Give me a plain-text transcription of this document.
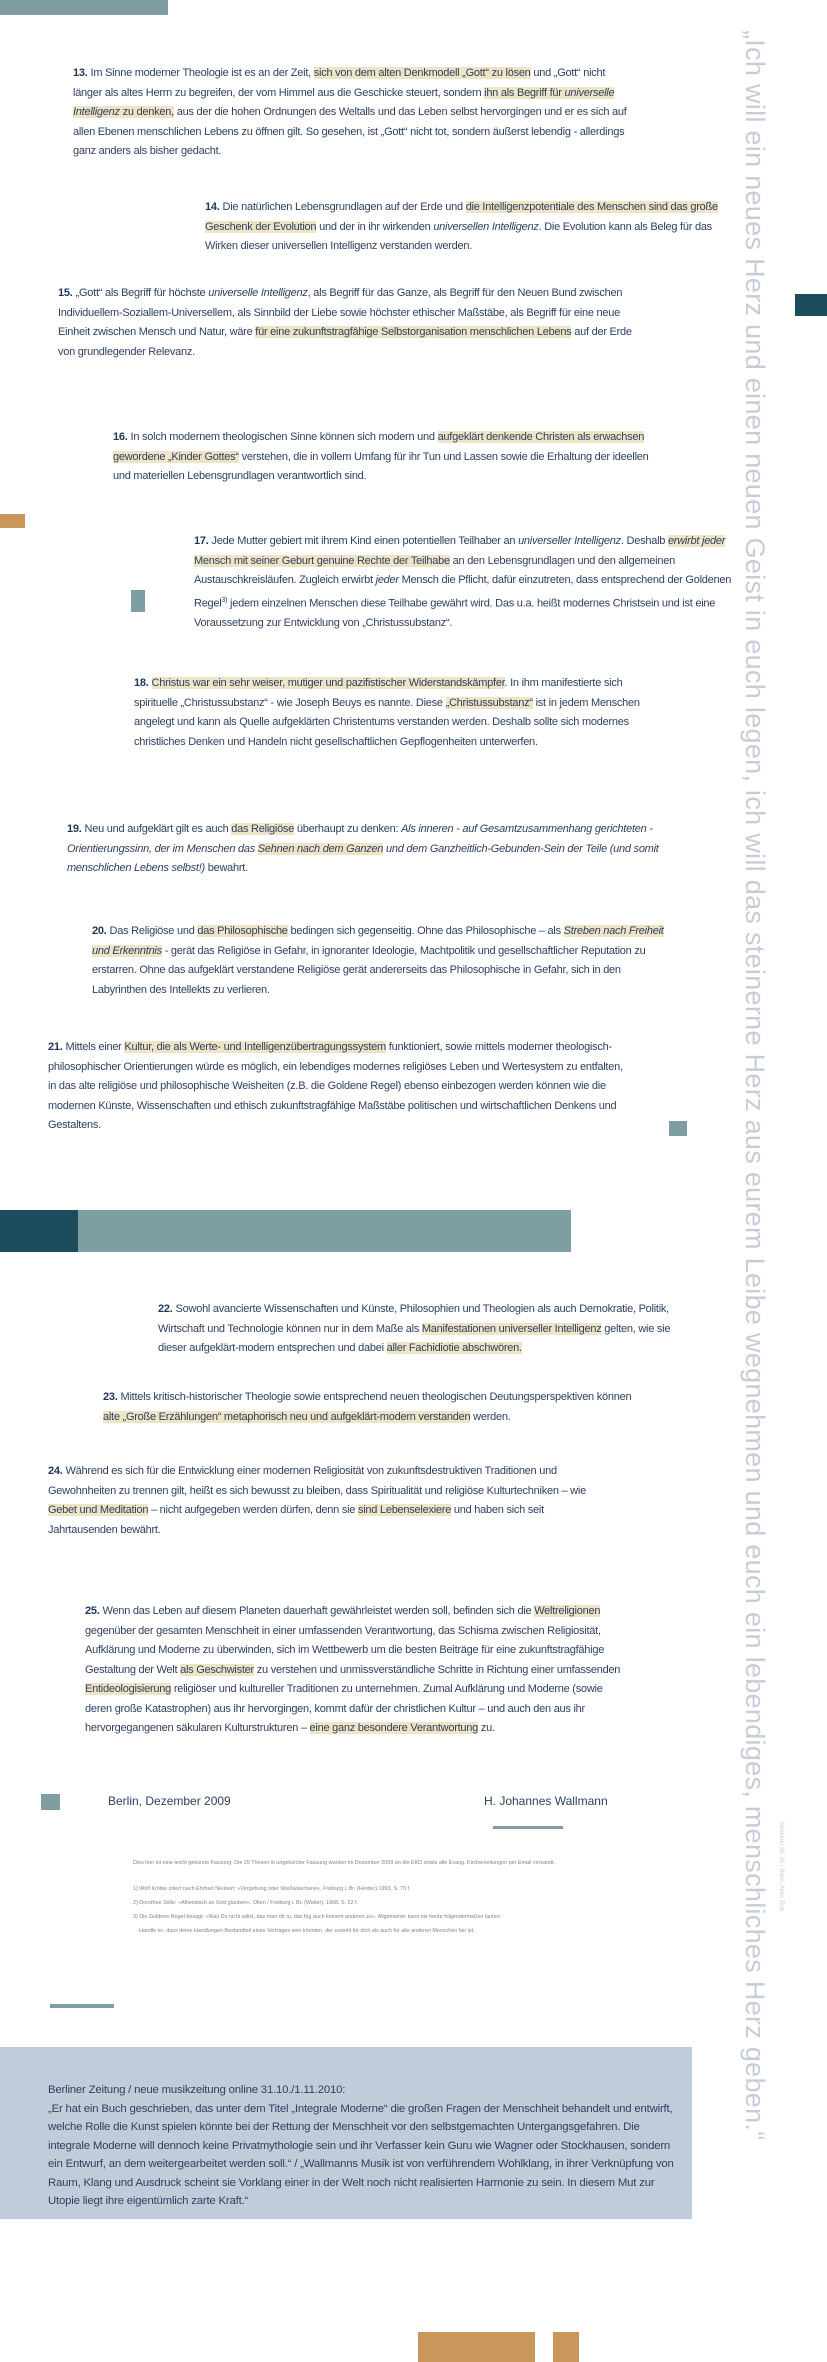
„Ich will ein neues Herz und einen neuen Geist in euch legen, ich will das steinerne Herz aus eurem Leibe wegnehmen und euch ein lebendiges, menschliches Herz geben.“ Hesekiel 36, 26 / Bibel, Altes Test.
13. Im Sinne moderner Theologie ist es an der Zeit, sich von dem alten Denkmodell „Gott“ zu lösen und „Gott“ nicht länger als altes Herrn zu begreifen, der vom Himmel aus die Geschicke steuert, sondern ihn als Begriff für universelle Intelligenz zu denken, aus der die hohen Ordnungen des Weltalls und das Leben selbst hervorgingen und er es sich auf allen Ebenen menschlichen Lebens zu öffnen gilt. So gesehen, ist „Gott“ nicht tot, sondern äußerst lebendig - allerdings ganz anders als bisher gedacht.
14. Die natürlichen Lebensgrundlagen auf der Erde und die Intelligenzpotentiale des Menschen sind das große Geschenk der Evolution und der in ihr wirkenden universellen Intelligenz. Die Evolution kann als Beleg für das Wirken dieser universellen Intelligenz verstanden werden.
15. „Gott“ als Begriff für höchste universelle Intelligenz, als Begriff für das Ganze, als Begriff für den Neuen Bund zwischen Individuellem-Soziallem-Universellem, als Sinnbild der Liebe sowie höchster ethischer Maßstäbe, als Begriff für eine neue Einheit zwischen Mensch und Natur, wäre für eine zukunftstragfähige Selbstorganisation menschlichen Lebens auf der Erde von grundlegender Relevanz.
16. In solch modernem theologischen Sinne können sich modern und aufgeklärt denkende Christen als erwachsen gewordene „Kinder Gottes“ verstehen, die in vollem Umfang für ihr Tun und Lassen sowie die Erhaltung der ideellen und materiellen Lebensgrundlagen verantwortlich sind.
17. Jede Mutter gebiert mit ihrem Kind einen potentiellen Teilhaber an universeller Intelligenz. Deshalb erwirbt jeder Mensch mit seiner Geburt genuine Rechte der Teilhabe an den Lebensgrundlagen und den allgemeinen Austauschkreisläufen. Zugleich erwirbt jeder Mensch die Pflicht, dafür einzutreten, dass entsprechend der Goldenen Regel$^{3)}$ jedem einzelnen Menschen diese Teilhabe gewährt wird. Das u.a. heißt modernes Christsein und ist eine Voraussetzung zur Entwicklung von „Christussubstanz“.
18. Christus war ein sehr weiser, mutiger und pazifistischer Widerstandskämpfer. In ihm manifestierte sich spirituelle „Christussubstanz“ - wie Joseph Beuys es nannte. Diese „Christussubstanz“ ist in jedem Menschen angelegt und kann als Quelle aufgeklärten Christentums verstanden werden. Deshalb sollte sich modernes christliches Denken und Handeln nicht gesellschaftlichen Gepflogenheiten unterwerfen.
19. Neu und aufgeklärt gilt es auch das Religiöse überhaupt zu denken: Als inneren - auf Gesamtzusammenhang gerichteten - Orientierungssinn, der im Menschen das Sehnen nach dem Ganzen und dem Ganzheitlich-Gebunden-Sein der Teile (und somit menschlichen Lebens selbst!) bewahrt.
20. Das Religiöse und das Philosophische bedingen sich gegenseitig. Ohne das Philosophische – als Streben nach Freiheit und Erkenntnis - gerät das Religiöse in Gefahr, in ignoranter Ideologie, Machtpolitik und gesellschaftlicher Reputation zu erstarren. Ohne das aufgeklärt verstandene Religiöse gerät andererseits das Philosophische in Gefahr, sich in den Labyrinthen des Intellekts zu verlieren.
21. Mittels einer Kultur, die als Werte- und Intelligenzübertragungssystem funktioniert, sowie mittels moderner theologisch-philosophischer Orientierungen würde es möglich, ein lebendiges modernes religiöses Leben und Wertesystem zu entfalten, in das alte religiöse und philosophische Weisheiten (z.B. die Goldene Regel) ebenso einbezogen werden können wie die modernen Künste, Wissenschaften und ethisch zukunftstragfähige Maßstäbe politischen und wirtschaftlichen Denkens und Gestaltens.
22. Sowohl avancierte Wissenschaften und Künste, Philosophien und Theologien als auch Demokratie, Politik, Wirtschaft und Technologie können nur in dem Maße als Manifestationen universeller Intelligenz gelten, wie sie dieser aufgeklärt-modern entsprechen und dabei aller Fachidiotie abschwören.
23. Mittels kritisch-historischer Theologie sowie entsprechend neuen theologischen Deutungsperspektiven können alte „Große Erzählungen“ metaphorisch neu und aufgeklärt-modern verstanden werden.
24. Während es sich für die Entwicklung einer modernen Religiosität von zukunftsdestruktiven Traditionen und Gewohnheiten zu trennen gilt, heißt es sich bewusst zu bleiben, dass Spiritualität und religiöse Kulturtechniken – wie Gebet und Meditation – nicht aufgegeben werden dürfen, denn sie sind Lebenselexiere und haben sich seit Jahrtausenden bewährt.
25. Wenn das Leben auf diesem Planeten dauerhaft gewährleistet werden soll, befinden sich die Weltreligionen gegenüber der gesamten Menschheit in einer umfassenden Verantwortung, das Schisma zwischen Religiosität, Aufklärung und Moderne zu überwinden, sich im Wettbewerb um die besten Beiträge für eine zukunftstragfähige Gestaltung der Welt als Geschwister zu verstehen und unmissverständliche Schritte in Richtung einer umfassenden Entideologisierung religiöser und kultureller Traditionen zu unternehmen. Zumal Aufklärung und Moderne (sowie deren große Katastrophen) aus ihr hervorgingen, kommt dafür der christlichen Kultur – und auch den aus ihr hervorgegangenen säkularen Kulturstrukturen – eine ganz besondere Verantwortung zu.
Berlin, Dezember 2009	H. Johannes Wallmann
Dies hier ist eine leicht gekürzte Fassung. Die 25 Thesen in ungekürzter Fassung wurden im Dezember 2009 an die EKD sowie alle Evang. Kirchenleitungen per Email versandt.
1) Wolf Krötke zitiert nach Ehrhart Neubert: »Vergebung oder Weißwäscherei«, Freiburg i. Br. (Herder) 1993, S. 73 f.
2) Dorothee Sölle: »Atheistisch an Gott glauben«, Olten / Freiburg i. Br. (Walter), 1968, S. 52 f.
3) Die Goldene Regel besagt: »Was Du nicht willst, das man dir tu, das füg auch keinem anderen zu«. Allgemeiner kann sie heute folgendermaßen lauten:
Handle so, dass deine Handlungen Bestandteil eines Vertrages sein könnten, der sowohl für dich als auch für alle anderen Menschen fair ist.
Berliner Zeitung / neue musikzeitung online 31.10./1.11.2010:
„Er hat ein Buch geschrieben, das unter dem Titel „Integrale Moderne“ die großen Fragen der Menschheit behandelt und entwirft, welche Rolle die Kunst spielen könnte bei der Rettung der Menschheit vor den selbstgemachten Untergangsgefahren. Die integrale Moderne will dennoch keine Privatmythologie sein und ihr Verfasser kein Guru wie Wagner oder Stockhausen, sondern ein Entwurf, an dem weitergearbeitet werden soll.“ / „Wallmanns Musik ist von verführendem Wohlklang, in ihrer Verknüpfung von Raum, Klang und Ausdruck scheint sie Vorklang einer in der Welt noch nicht realisierten Harmonie zu sein. In diesem Mut zur Utopie liegt ihre eigentümlich zarte Kraft.“
